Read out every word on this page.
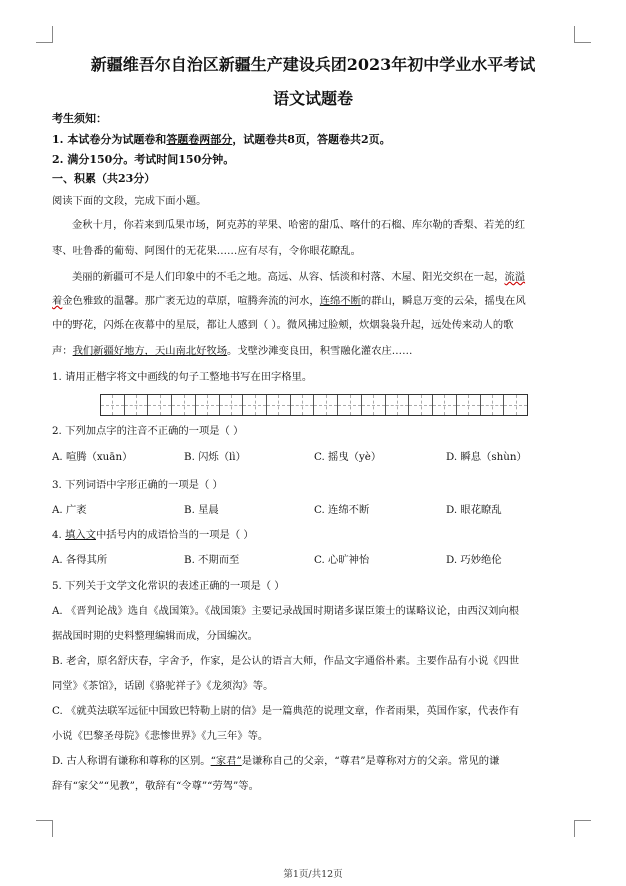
新疆维吾尔自治区新疆生产建设兵团2023年初中学业水平考试
语文试题卷
考生须知：
1. 本试卷分为试题卷和答题卷两部分，试题卷共8页，答题卷共2页。
2. 满分150分。考试时间150分钟。
一、积累（共23分）
阅读下面的文段，完成下面小题。
金秋十月，你若来到瓜果市场，阿克苏的苹果、哈密的甜瓜、喀什的石榴、库尔勒的香梨、若羌的红
枣、吐鲁番的葡萄、阿图什的无花果……应有尽有，令你眼花瞭乱。
美丽的新疆可不是人们印象中的不毛之地。高远、从容、恬淡和村落、木屋、阳光交织在一起，流溢
着金色雅致的温馨。那广袤无边的草原，喧腾奔流的河水，连绵不断的群山，瞬息万变的云朵，摇曳在风
中的野花，闪烁在夜幕中的星辰，都让人感到（ ）。微风拂过脸颊，炊烟袅袅升起，远处传来动人的歌
声：我们新疆好地方，天山南北好牧场。戈壁沙滩变良田，积雪融化灌农庄……
1. 请用正楷字将文中画线的句子工整地书写在田字格里。
2. 下列加点字的注音不正确的一项是（ ）
A. 喧腾（xuān）	B. 闪烁（lì）	C. 摇曳（yè）	D. 瞬息（shùn）
3. 下列词语中字形正确的一项是（ ）
A. 广袤	B. 星晨	C. 连绵不断	D. 眼花瞭乱
4. 填入文中括号内的成语恰当的一项是（ ）
A. 各得其所	B. 不期而至	C. 心旷神怡	D. 巧妙绝伦
5. 下列关于文学文化常识的表述正确的一项是（ ）
A. 《晋判论战》选自《战国策》。《战国策》主要记录战国时期诸多谋臣策士的谋略议论，由西汉刘向根
据战国时期的史料整理编辑而成，分国编次。
B. 老舍，原名舒庆春，字舍予，作家，是公认的语言大师，作品文字通俗朴素。主要作品有小说《四世
同堂》《茶馆》，话剧《骆驼祥子》《龙须沟》等。
C. 《就英法联军远征中国致巴特勒上尉的信》是一篇典范的说理文章，作者雨果，英国作家，代表作有
小说《巴黎圣母院》《悲惨世界》《九三年》等。
D. 古人称谓有谦称和尊称的区别。“家君”是谦称自己的父亲，“尊君”是尊称对方的父亲。常见的谦
辞有“家父”“见教”，敬辞有“令尊”“劳驾”等。
第1页/共12页
